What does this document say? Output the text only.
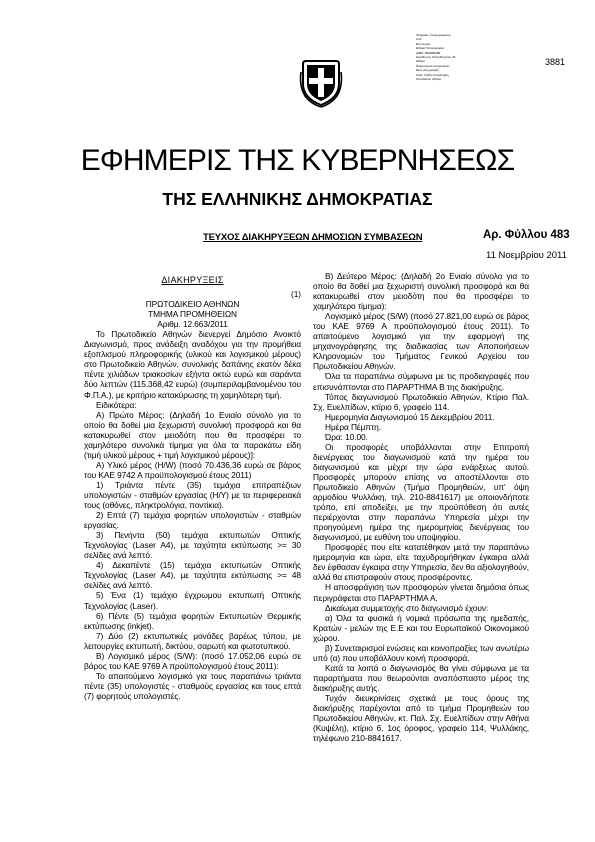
Ψηφιακά υπογεγραμμένο
από
Επωνυμία:
Εθνικό Τυπογραφείο
ΑΦΜ: 090056489
Διεύθυνση: Καποδιστρίου 34
Αθήνα
Ημερομηνία υπογραφής:
Ώρα υπογραφής:
Αιτία: Ορθή επανάληψη
Τοποθεσία: Αθήνα
3881
ΕΦΗΜΕΡΙΣ ΤΗΣ ΚΥΒΕΡΝΗΣΕΩΣ
ΤΗΣ ΕΛΛΗΝΙΚΗΣ ΔΗΜΟΚΡΑΤΙΑΣ
ΤΕΥΧΟΣ ΔΙΑΚΗΡΥΞΕΩΝ ΔΗΜΟΣΙΩΝ ΣΥΜΒΑΣΕΩΝ	Αρ. Φύλλου 483
11 Νοεμβρίου 2011

ΔΙΑΚΗΡΥΞΕΙΣ

(1)

ΠΡΩΤΟΔΙΚΕΙΟ ΑΘΗΝΩΝ

ΤΜΗΜΑ ΠΡΟΜΗΘΕΙΩΝ

Αριθμ. 12.663/2011

Το Πρωτοδικείο Αθηνών διενεργεί Δημόσιο Ανοικτό Διαγωνισμό, προς ανάδειξη αναδόχου για την προμήθεια εξοπλισμού πληροφορικής (υλικού και λογισμικού μέρους) στο Πρωτοδικείο Αθηνών, συνολικής δαπάνης εκατόν δέκα πέντε χιλιάδων τριακοσίων εξήντα οκτώ ευρώ και σαράντα δύο λεπτών (115.368,42 ευρώ) (συμπεριλαμβανομένου του Φ.Π.Α.), με κριτήριο κατακύρωσης τη χαμηλότερη τιμή.

Ειδικότερα:

Α) Πρώτο Μέρος: (Δηλαδή 1ο Ενιαίο σύνολο για το οποίο θα δοθεί μια ξεχωριστή συνολική προσφορά και θα κατακυρωθεί στον μειοδότη που θα προσφέρει το χαμηλότερο συνολικά τίμημα για όλα τα παρακάτω είδη (τιμή υλικού μέρους + τιμή λογισμικού μέρους)]:

Α) Υλικό μέρος (H/W) (ποσό 70.436,36 ευρώ σε βάρος του ΚΑΕ 9742 Α προϋπολογισμού έτους 2011)

1) Τριάντα πέντε (35) τεμάχια επιτραπέζιων υπολογιστών - σταθμών εργασίας (Η/Υ) με τα περιφερειακά τους (οθόνες, πληκτρολόγια, ποντίκια).

2) Επτά (7) τεμάχια φορητών υπολογιστών - σταθμών εργασίας.

3) Πενήντα (50) τεμάχια εκτυπωτών Οπτικής Τεχνολογίας (Laser A4), με ταχύτητα εκτύπωσης >= 30 σελίδες ανά λεπτό.

4) Δεκαπέντε (15) τεμάχια εκτυπωτών Οπτικής Τεχνολογίας (Laser A4), με ταχύτητα εκτύπωσης >= 48 σελίδες ανά λεπτό.

5) Ένα (1) τεμάχιο έγχρωμου εκτυπωτή Οπτικής Τεχνολογίας (Laser).

6) Πέντε (5) τεμάχια φορητών Εκτυπωτών Θερμικής εκτύπωσης (inkjet).

7) Δύο (2) εκτυπωτικές μονάδες βαρέως τύπου, με λειτουργίες εκτυπωτή, δικτύου, σαρωτή και φωτοτυπικού.

Β) Λογισμικό μέρος (S/W): (ποσό 17.052,06 ευρώ σε βάρος του ΚΑΕ 9769 Α προϋπολογισμού έτους 2011):

Το απαιτούμενο λογισμικό για τους παραπάνω τριάντα πέντε (35) υπολογιστές - σταθμούς εργασίας και τους επτά (7) φορητούς υπολογιστές.

Β) Δεύτερο Μέρος: (Δηλαδή 2ο Ενιαίο σύνολο για το οποίο θα δοθεί μια ξεχωριστή συνολική προσφορά και θα κατακυρωθεί στον μειοδότη που θα προσφέρει το χαμηλότερο τίμημα):

Λογισμικό μέρος (S/W) (ποσό 27.821,00 ευρώ σε βάρος του ΚΑΕ 9769 Α προϋπολογισμού έτους 2011). Το απαιτούμενο λογισμικό για την εφαρμογή της μηχανογράφησης της διαδικασίας των Αποποιήσεων Κληρονομιών του Τμήματος Γενικού Αρχείου του Πρωτοδικείου Αθηνών.

Όλα τα παραπάνω σύμφωνα με τις προδιαγραφές που επισυνάπτονται στο ΠΑΡΑΡΤΗΜΑ Β της διακήρυξης.

Τόπος διαγωνισμού Πρωτοδικείο Αθηνών, Κτίριο Παλ. Σχ. Ευελπίδων, κτίριο 6, γραφείο 114.

Ημερομηνία Διαγωνισμού 15 Δεκεμβρίου 2011.

Ημέρα Πέμπτη.

Ώρα: 10.00.

Οι προσφορές υποβάλλονται στην Επιτροπή διενέργειας του διαγωνισμού κατά την ημέρα του διαγωνισμού και μέχρι την ώρα ενάρξεως αυτού. Προσφορές μπορούν επίσης να αποστέλλονται στο Πρωτοδικείο Αθηνών (Τμήμα Προμηθειών, υπ' όψη αρμοδίου Ψυλλάκη, τηλ. 210-8841617) με οποιονδήποτε τρόπο, επί αποδείξει, με την προϋπόθεση ότι αυτές περιέρχονται στην παραπάνω Υπηρεσία μέχρι την προηγούμενη ημέρα της ημερομηνίας διενέργειας του διαγωνισμού, με ευθύνη του υποψηφίου.

Προσφορές που είτε κατατέθηκαν μετά την παραπάνω ημερομηνία και ώρα, είτε ταχυδρομήθηκαν έγκαιρα αλλά δεν έφθασαν έγκαιρα στην Υπηρεσία, δεν θα αξιολογηθούν, αλλά θα επιστραφούν στους προσφέροντες.

Η αποσφράγιση των προσφορών γίνεται δημόσια όπως περιγράφεται στο ΠΑΡΑΡΤΗΜΑ Α.

Δικαίωμα συμμετοχής στο διαγωνισμό έχουν:

α) Όλα τα φυσικά ή νομικά πρόσωπα της ημεδαπής, Κρατών - μελών της Ε.Ε και του Ευρωπαϊκού Οικονομικού χώρου.

β) Συνεταιρισμοί ενώσεις και κοινοπραξίες των ανωτέρω υπό (α) που υποβάλλουν κοινή προσφορά.

Κατά τα λοιπά ο διαγωνισμός θα γίνει σύμφωνα με τα παραρτήματα που θεωρούνται αναπόσπαστο μέρος της διακήρυξης αυτής.

Τυχόν διευκρινίσεις σχετικά με τους όρους της διακήρυξης παρέχονται από το τμήμα Προμηθειών του Πρωτοδικείου Αθηνών, κτ. Παλ. Σχ. Ευελπίδων στην Αθήνα (Κυψέλη), κτίριο 6, 1ος όροφος, γραφείο 114, Ψυλλάκης, τηλέφωνο 210-8841617.
